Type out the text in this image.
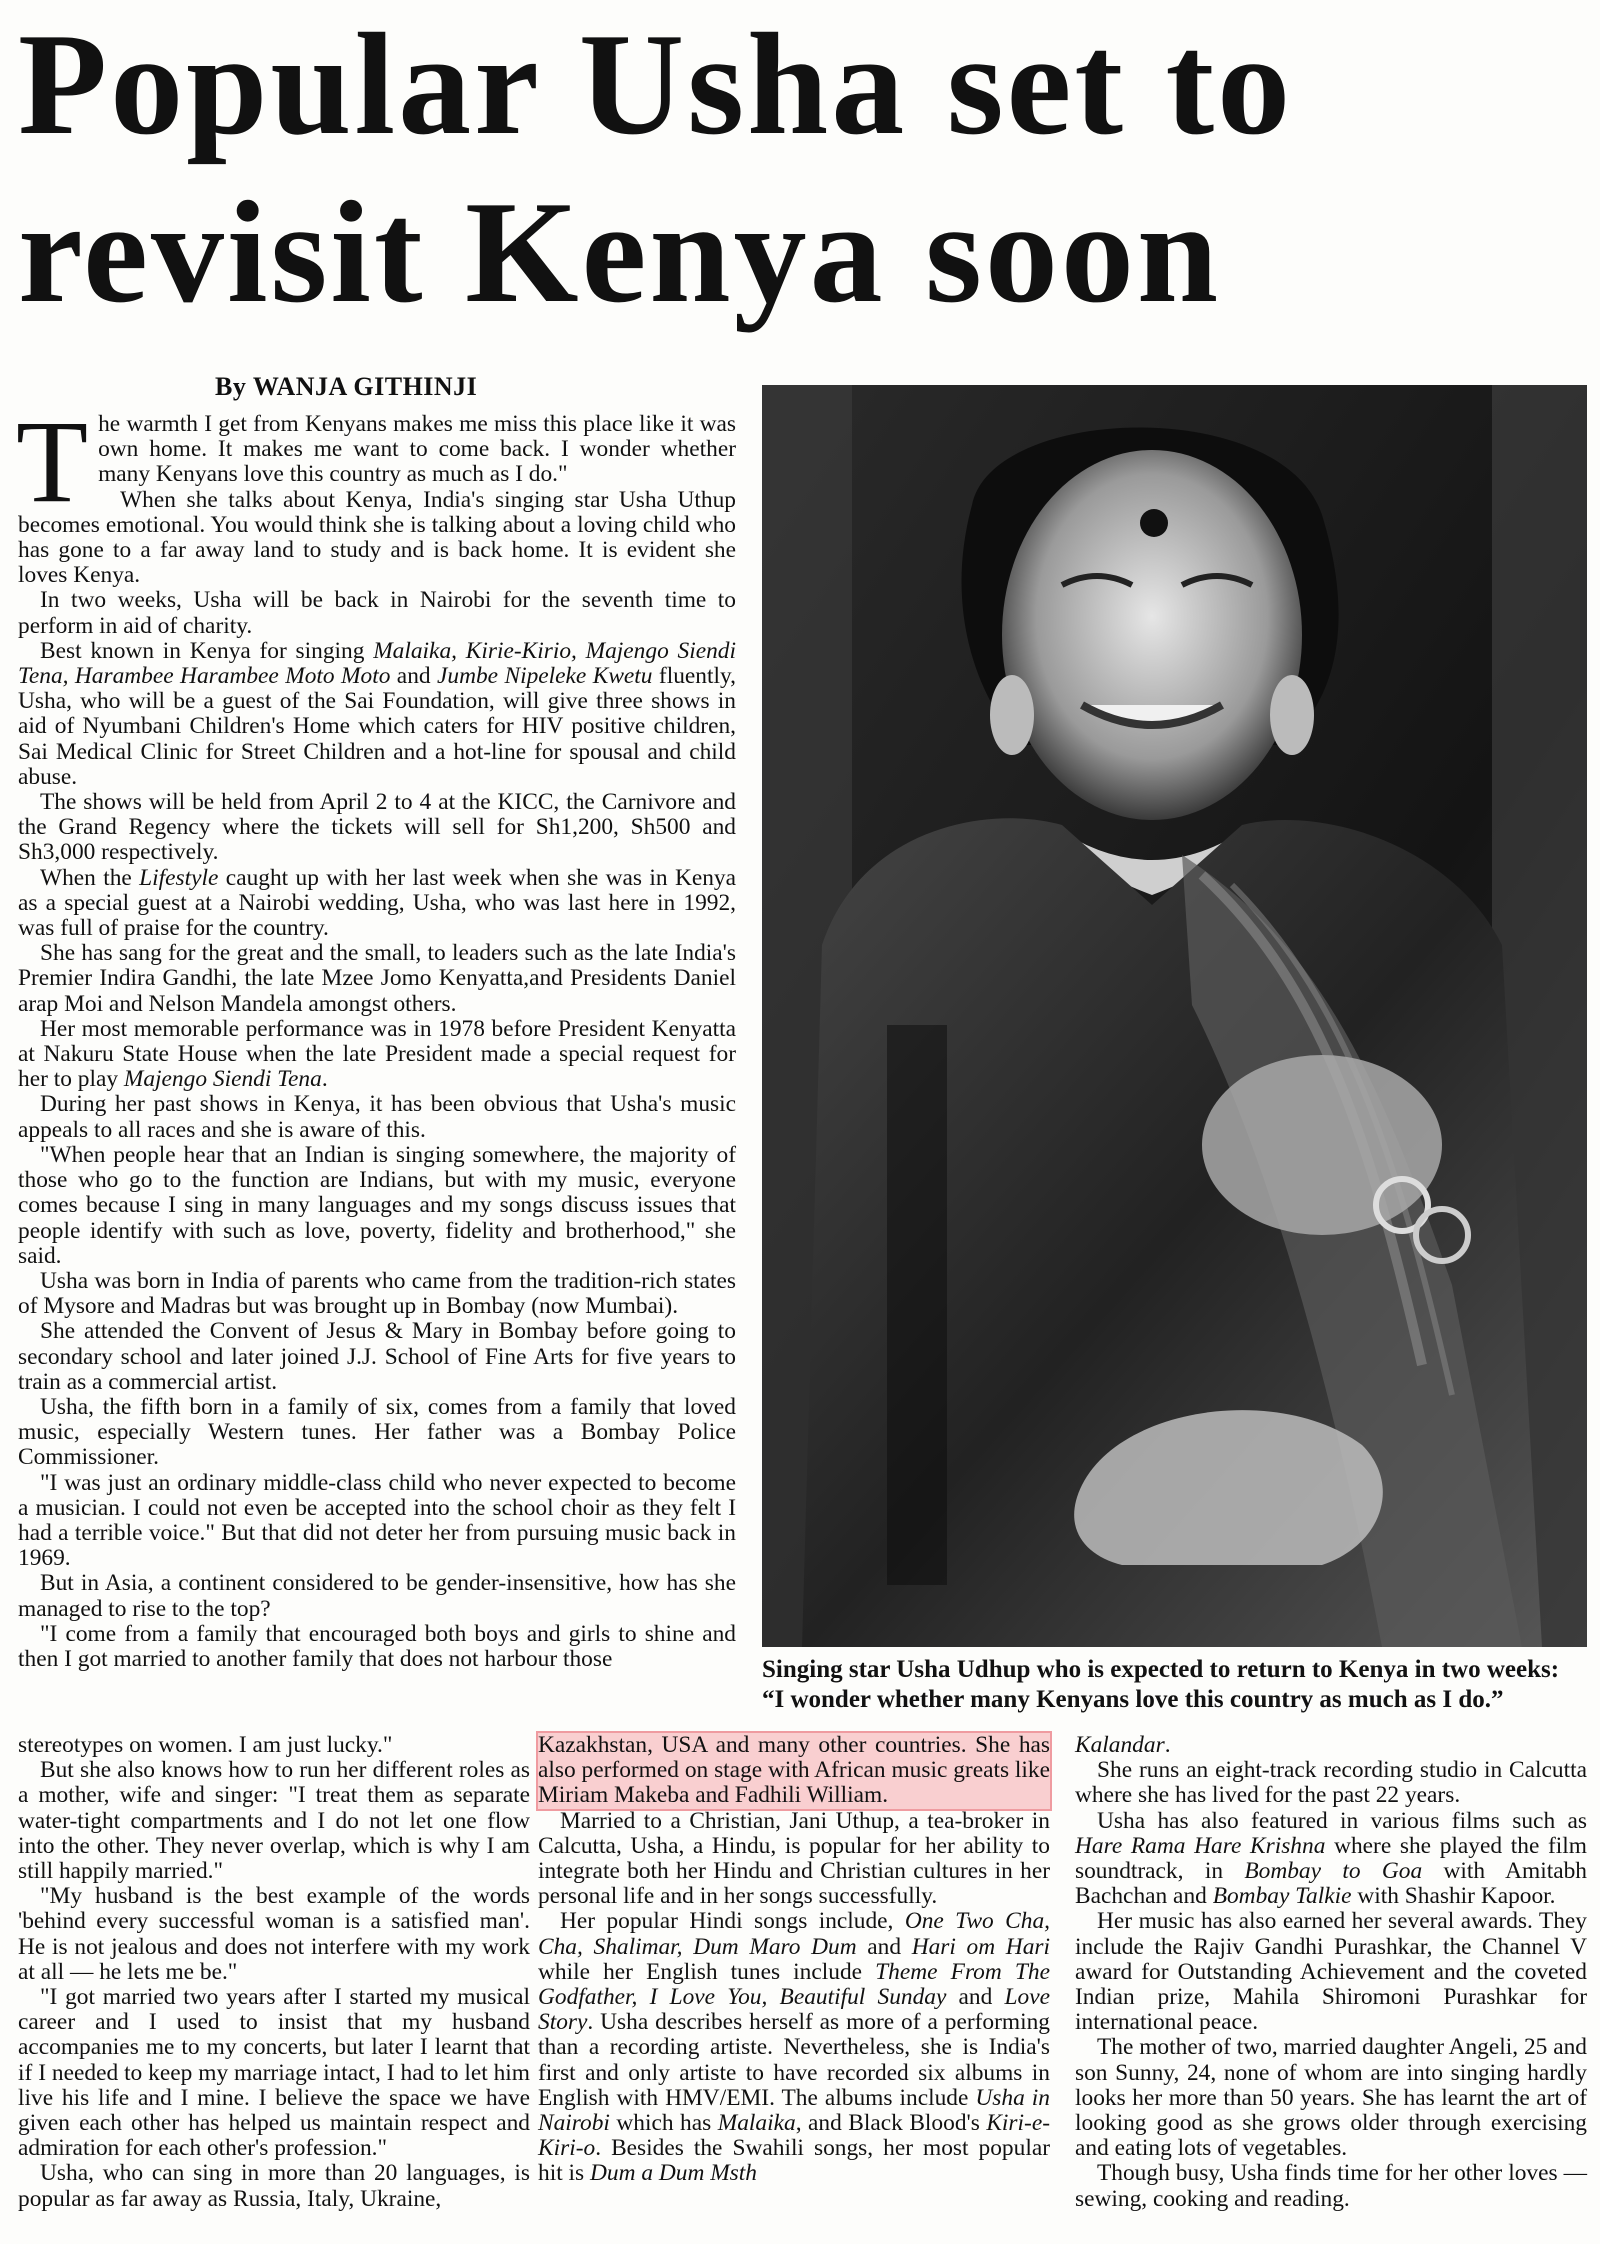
Popular Usha set to
revisit Kenya soon
By WANJA GITHINJI

The warmth I get from Kenyans makes me miss this place like it was own home. It makes me want to come back. I wonder whether many Kenyans love this country as much as I do."

When she talks about Kenya, India's singing star Usha Uthup becomes emotional. You would think she is talking about a loving child who has gone to a far away land to study and is back home. It is evident she loves Kenya.

In two weeks, Usha will be back in Nairobi for the seventh time to perform in aid of charity.

Best known in Kenya for singing Malaika, Kirie-Kirio, Majengo Siendi Tena, Harambee Harambee Moto Moto and Jumbe Nipeleke Kwetu fluently, Usha, who will be a guest of the Sai Foundation, will give three shows in aid of Nyumbani Children's Home which caters for HIV positive children, Sai Medical Clinic for Street Children and a hot-line for spousal and child abuse.

The shows will be held from April 2 to 4 at the KICC, the Carnivore and the Grand Regency where the tickets will sell for Sh1,200, Sh500 and Sh3,000 respectively.

When the Lifestyle caught up with her last week when she was in Kenya as a special guest at a Nairobi wedding, Usha, who was last here in 1992, was full of praise for the country.

She has sang for the great and the small, to leaders such as the late India's Premier Indira Gandhi, the late Mzee Jomo Kenyatta,and Presidents Daniel arap Moi and Nelson Mandela amongst others.

Her most memorable performance was in 1978 before President Kenyatta at Nakuru State House when the late President made a special request for her to play Majengo Siendi Tena.

During her past shows in Kenya, it has been obvious that Usha's music appeals to all races and she is aware of this.

"When people hear that an Indian is singing somewhere, the majority of those who go to the function are Indians, but with my music, everyone comes because I sing in many languages and my songs discuss issues that people identify with such as love, poverty, fidelity and brotherhood," she said.

Usha was born in India of parents who came from the tradition-rich states of Mysore and Madras but was brought up in Bombay (now Mumbai).

She attended the Convent of Jesus & Mary in Bombay before going to secondary school and later joined J.J. School of Fine Arts for five years to train as a commercial artist.

Usha, the fifth born in a family of six, comes from a family that loved music, especially Western tunes. Her father was a Bombay Police Commissioner.

"I was just an ordinary middle-class child who never expected to become a musician. I could not even be accepted into the school choir as they felt I had a terrible voice." But that did not deter her from pursuing music back in 1969.

But in Asia, a continent considered to be gender-insensitive, how has she managed to rise to the top?

"I come from a family that encouraged both boys and girls to shine and then I got married to another family that does not harbour those	Singing star Usha Udhup who is expected to return to Kenya in two weeks:
“I wonder whether many Kenyans love this country as much as I do.”

stereotypes on women. I am just lucky."

But she also knows how to run her different roles as a mother, wife and singer: "I treat them as separate water-tight compartments and I do not let one flow into the other. They never overlap, which is why I am still happily married."

"My husband is the best example of the words 'behind every successful woman is a satisfied man'. He is not jealous and does not interfere with my work at all — he lets me be."

"I got married two years after I started my musical career and I used to insist that my husband accompanies me to my concerts, but later I learnt that if I needed to keep my marriage intact, I had to let him live his life and I mine. I believe the space we have given each other has helped us maintain respect and admiration for each other's profession."

Usha, who can sing in more than 20 languages, is popular as far away as Russia, Italy, Ukraine,

Kazakhstan, USA and many other countries. She has also performed on stage with African music greats like Miriam Makeba and Fadhili William.

Married to a Christian, Jani Uthup, a tea-broker in Calcutta, Usha, a Hindu, is popular for her ability to integrate both her Hindu and Christian cultures in her personal life and in her songs successfully.

Her popular Hindi songs include, One Two Cha, Cha, Shalimar, Dum Maro Dum and Hari om Hari while her English tunes include Theme From The Godfather, I Love You, Beautiful Sunday and Love Story. Usha describes herself as more of a performing than a recording artiste. Nevertheless, she is India's first and only artiste to have recorded six albums in English with HMV/EMI. The albums include Usha in Nairobi which has Malaika, and Black Blood's Kiri-e-Kiri-o. Besides the Swahili songs, her most popular hit is Dum a Dum Msth

Kalandar.

She runs an eight-track recording studio in Calcutta where she has lived for the past 22 years.

Usha has also featured in various films such as Hare Rama Hare Krishna where she played the film soundtrack, in Bombay to Goa with Amitabh Bachchan and Bombay Talkie with Shashir Kapoor.

Her music has also earned her several awards. They include the Rajiv Gandhi Purashkar, the Channel V award for Outstanding Achievement and the coveted Indian prize, Mahila Shiromoni Purashkar for international peace.

The mother of two, married daughter Angeli, 25 and son Sunny, 24, none of whom are into singing hardly looks her more than 50 years. She has learnt the art of looking good as she grows older through exercising and eating lots of vegetables.

Though busy, Usha finds time for her other loves — sewing, cooking and reading.
